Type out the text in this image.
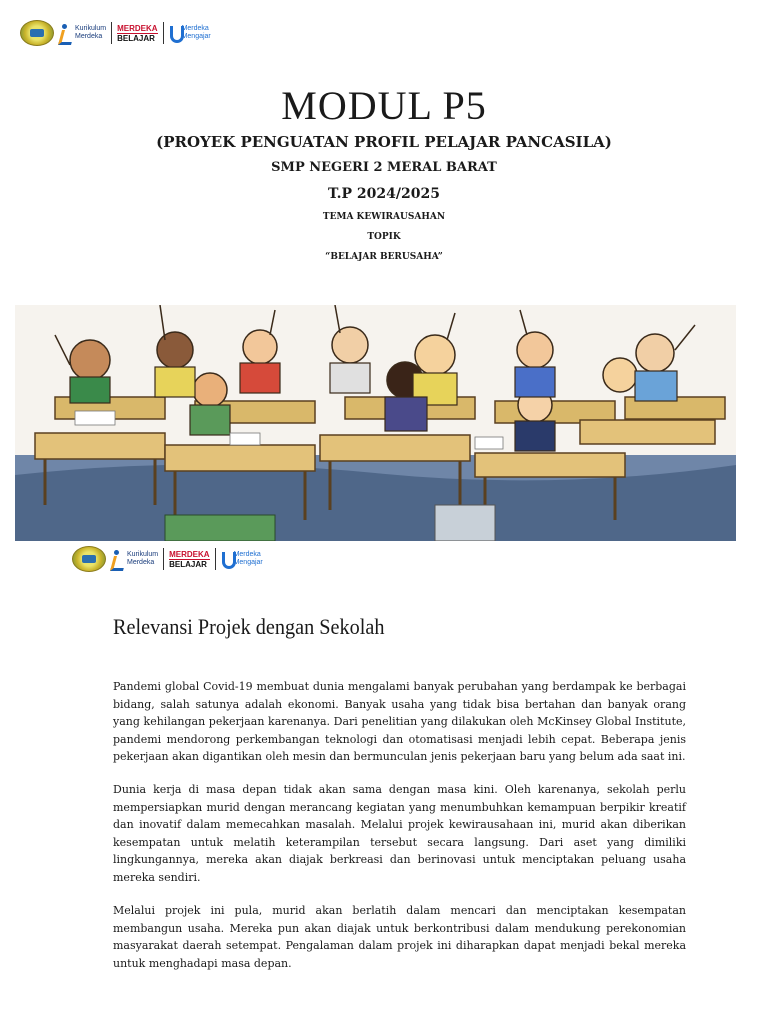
Kurikulum
Merdeka
MERDEKA
BELAJAR
Merdeka
Mengajar
MODUL P5
(PROYEK PENGUATAN PROFIL PELAJAR PANCASILA)
SMP NEGERI 2 MERAL BARAT
T.P 2024/2025
TEMA KEWIRAUSAHAN
TOPIK
“BELAJAR BERUSAHA”
Kurikulum
Merdeka
MERDEKA
BELAJAR
Merdeka
Mengajar
Relevansi Projek dengan Sekolah

Pandemi global Covid-19 membuat dunia mengalami banyak perubahan yang berdampak ke berbagai bidang, salah satunya adalah ekonomi. Banyak usaha yang tidak bisa bertahan dan banyak orang yang kehilangan pekerjaan karenanya. Dari penelitian yang dilakukan oleh McKinsey Global Institute, pandemi mendorong perkembangan teknologi dan otomatisasi menjadi lebih cepat. Beberapa jenis pekerjaan akan digantikan oleh mesin dan bermunculan jenis pekerjaan baru yang belum ada saat ini.

Dunia kerja di masa depan tidak akan sama dengan masa kini. Oleh karenanya, sekolah perlu mempersiapkan murid dengan merancang kegiatan yang menumbuhkan kemampuan berpikir kreatif dan inovatif dalam memecahkan masalah. Melalui projek kewirausahaan ini, murid akan diberikan kesempatan untuk melatih keterampilan tersebut secara langsung. Dari aset yang dimiliki lingkungannya, mereka akan diajak berkreasi dan berinovasi untuk menciptakan peluang usaha mereka sendiri.

Melalui projek ini pula, murid akan berlatih dalam mencari dan menciptakan kesempatan membangun usaha. Mereka pun akan diajak untuk berkontribusi dalam mendukung perekonomian masyarakat daerah setempat. Pengalaman dalam projek ini diharapkan dapat menjadi bekal mereka untuk menghadapi masa depan.
